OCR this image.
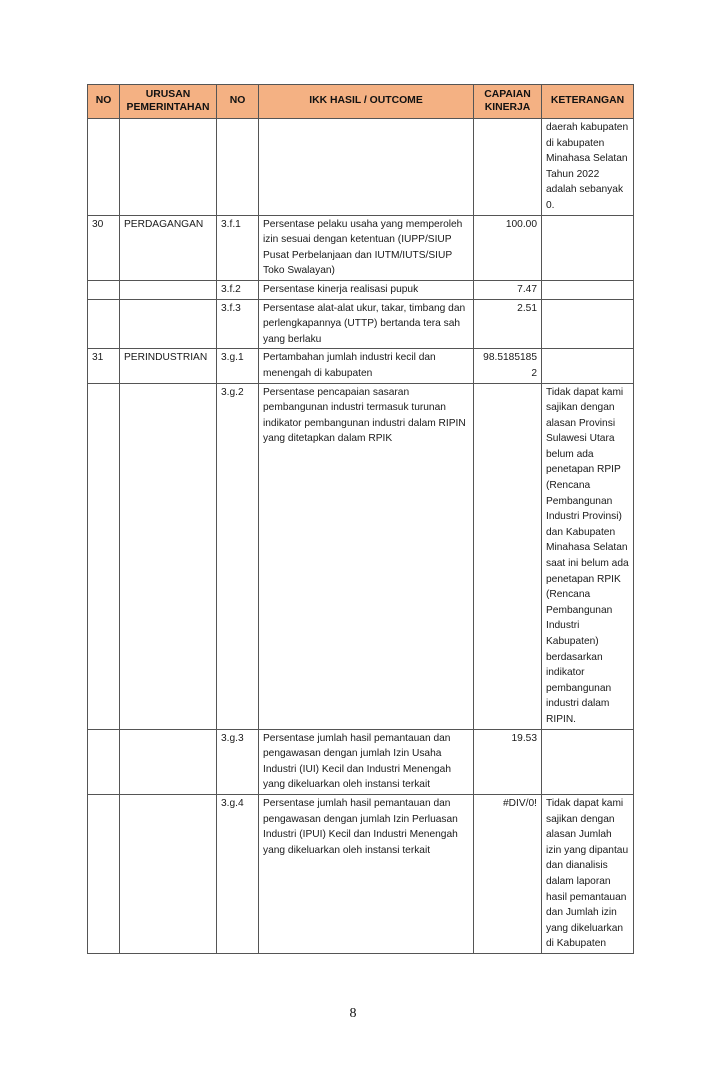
NO	URUSAN PEMERINTAHAN	NO	IKK HASIL / OUTCOME	CAPAIAN KINERJA	KETERANGAN
					daerah kabupaten di kabupaten Minahasa Selatan Tahun 2022 adalah sebanyak 0.
30	PERDAGANGAN	3.f.1	Persentase pelaku usaha yang memperoleh izin sesuai dengan ketentuan (IUPP/SIUP Pusat Perbelanjaan dan IUTM/IUTS/SIUP Toko Swalayan)	100.00	
		3.f.2	Persentase kinerja realisasi pupuk	7.47	
		3.f.3	Persentase alat-alat ukur, takar, timbang dan perlengkapannya (UTTP) bertanda tera sah yang berlaku	2.51	
31	PERINDUSTRIAN	3.g.1	Pertambahan jumlah industri kecil dan menengah di kabupaten	98.5185185 2	
		3.g.2	Persentase pencapaian sasaran pembangunan industri termasuk turunan indikator pembangunan industri dalam RIPIN yang ditetapkan dalam RPIK		Tidak dapat kami sajikan dengan alasan Provinsi Sulawesi Utara belum ada penetapan RPIP (Rencana Pembangunan Industri Provinsi) dan Kabupaten Minahasa Selatan saat ini belum ada penetapan RPIK (Rencana Pembangunan Industri Kabupaten) berdasarkan indikator pembangunan industri dalam RIPIN.
		3.g.3	Persentase jumlah hasil pemantauan dan pengawasan dengan jumlah Izin Usaha Industri (IUI) Kecil dan Industri Menengah yang dikeluarkan oleh instansi terkait	19.53	
		3.g.4	Persentase jumlah hasil pemantauan dan pengawasan dengan jumlah Izin Perluasan Industri (IPUI) Kecil dan Industri Menengah yang dikeluarkan oleh instansi terkait	#DIV/0!	Tidak dapat kami sajikan dengan alasan Jumlah izin yang dipantau dan dianalisis dalam laporan hasil pemantauan dan Jumlah izin yang dikeluarkan di Kabupaten
8
